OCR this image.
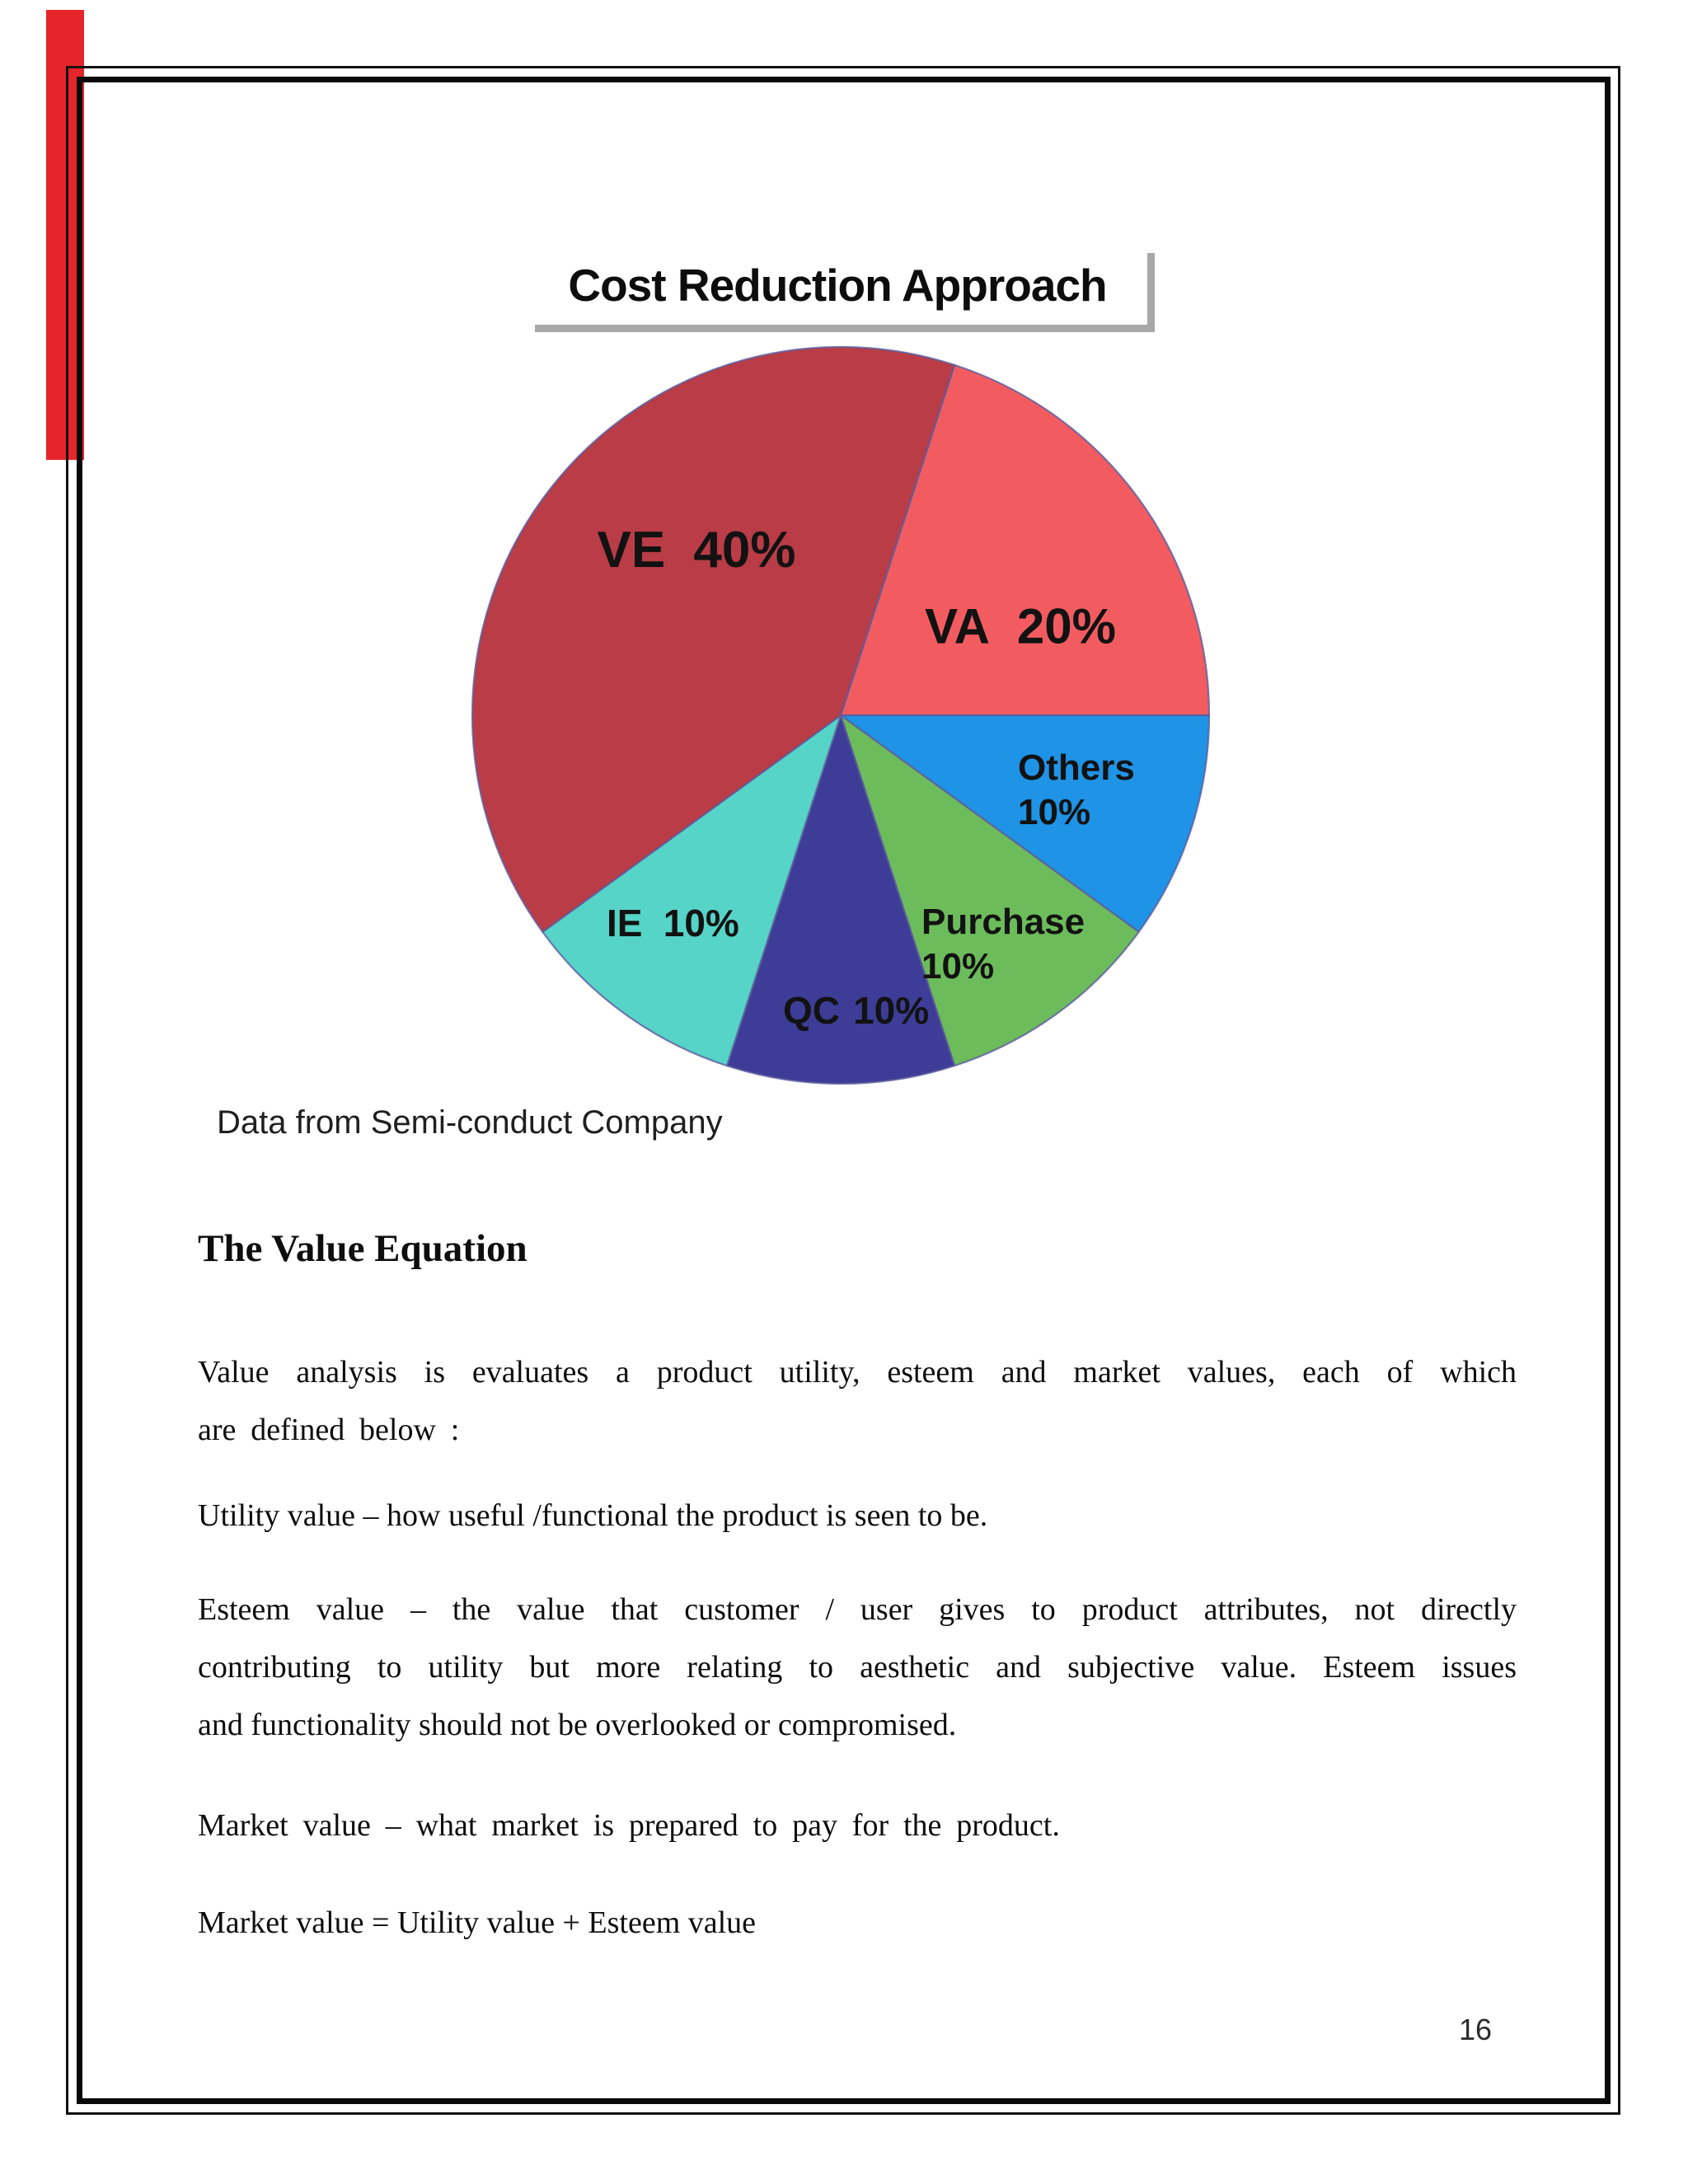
Cost Reduction Approach
VE 40%
VA 20%
Others
10%
Purchase
10%
QC 10%
IE 10%
Data from Semi-conduct Company
The Value Equation
Value analysis is evaluates a product utility, esteem and market values, each of which
are defined below :
Utility value – how useful /functional the product is seen to be.
Esteem value – the value that customer / user gives to product attributes, not directly
contributing to utility but more relating to aesthetic and subjective value. Esteem issues
and functionality should not be overlooked or compromised.
Market value – what market is prepared to pay for the product.
Market value = Utility value + Esteem value
16
